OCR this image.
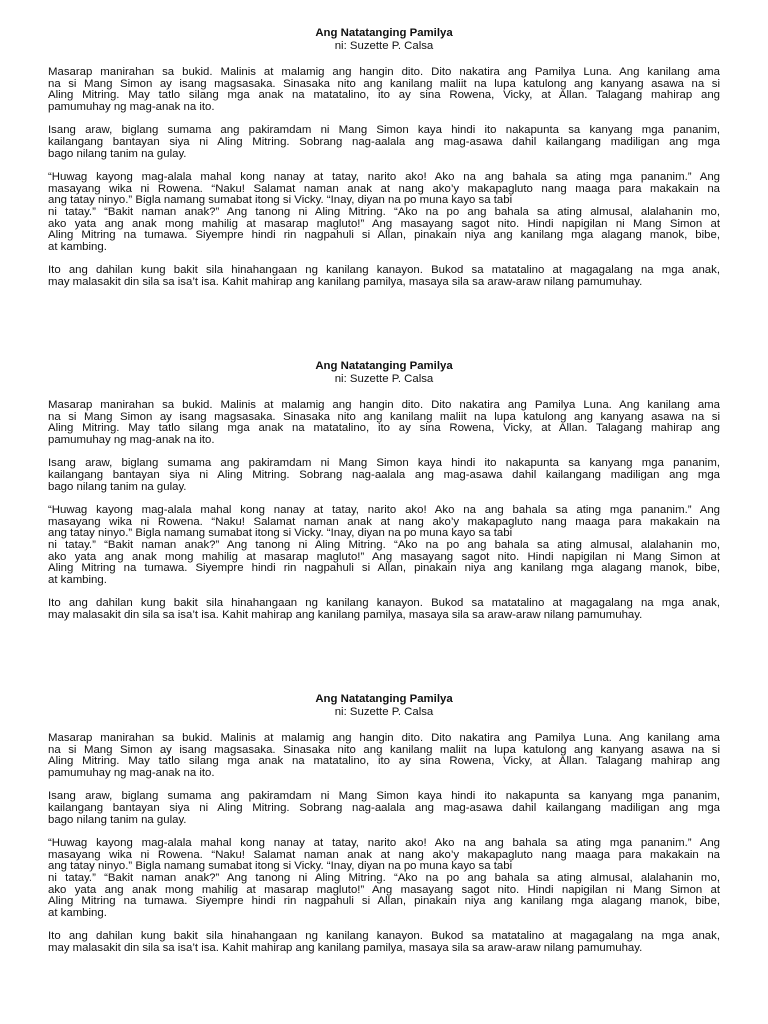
Ang Natatanging Pamilya

ni: Suzette P. Calsa

Masarap manirahan sa bukid. Malinis at malamig ang hangin dito. Dito nakatira ang Pamilya Luna. Ang kanilang ama
na si Mang Simon ay isang magsasaka. Sinasaka nito ang kanilang maliit na lupa katulong ang kanyang asawa na si
Aling Mitring. May tatlo silang mga anak na matatalino, ito ay sina Rowena, Vicky, at Allan. Talagang mahirap ang
pamumuhay ng mag-anak na ito.
Isang araw, biglang sumama ang pakiramdam ni Mang Simon kaya hindi ito nakapunta sa kanyang mga pananim,
kailangang bantayan siya ni Aling Mitring. Sobrang nag-aalala ang mag-asawa dahil kailangang madiligan ang mga
bago nilang tanim na gulay.
“Huwag kayong mag-alala mahal kong nanay at tatay, narito ako! Ako na ang bahala sa ating mga pananim.” Ang
masayang wika ni Rowena. “Naku! Salamat naman anak at nang ako’y makapagluto nang maaga para makakain na
ang tatay ninyo.” Bigla namang sumabat itong si Vicky. “Inay, diyan na po muna kayo sa tabi
ni tatay.” “Bakit naman anak?” Ang tanong ni Aling Mitring. “Ako na po ang bahala sa ating almusal, alalahanin mo,
ako yata ang anak mong mahilig at masarap magluto!” Ang masayang sagot nito. Hindi napigilan ni Mang Simon at
Aling Mitring na tumawa. Siyempre hindi rin nagpahuli si Allan, pinakain niya ang kanilang mga alagang manok, bibe,
at kambing.
Ito ang dahilan kung bakit sila hinahangaan ng kanilang kanayon. Bukod sa matatalino at magagalang na mga anak,
may malasakit din sila sa isa’t isa. Kahit mahirap ang kanilang pamilya, masaya sila sa araw-araw nilang pamumuhay.

Ang Natatanging Pamilya

ni: Suzette P. Calsa

Masarap manirahan sa bukid. Malinis at malamig ang hangin dito. Dito nakatira ang Pamilya Luna. Ang kanilang ama
na si Mang Simon ay isang magsasaka. Sinasaka nito ang kanilang maliit na lupa katulong ang kanyang asawa na si
Aling Mitring. May tatlo silang mga anak na matatalino, ito ay sina Rowena, Vicky, at Allan. Talagang mahirap ang
pamumuhay ng mag-anak na ito.
Isang araw, biglang sumama ang pakiramdam ni Mang Simon kaya hindi ito nakapunta sa kanyang mga pananim,
kailangang bantayan siya ni Aling Mitring. Sobrang nag-aalala ang mag-asawa dahil kailangang madiligan ang mga
bago nilang tanim na gulay.
“Huwag kayong mag-alala mahal kong nanay at tatay, narito ako! Ako na ang bahala sa ating mga pananim.” Ang
masayang wika ni Rowena. “Naku! Salamat naman anak at nang ako’y makapagluto nang maaga para makakain na
ang tatay ninyo.” Bigla namang sumabat itong si Vicky. “Inay, diyan na po muna kayo sa tabi
ni tatay.” “Bakit naman anak?” Ang tanong ni Aling Mitring. “Ako na po ang bahala sa ating almusal, alalahanin mo,
ako yata ang anak mong mahilig at masarap magluto!” Ang masayang sagot nito. Hindi napigilan ni Mang Simon at
Aling Mitring na tumawa. Siyempre hindi rin nagpahuli si Allan, pinakain niya ang kanilang mga alagang manok, bibe,
at kambing.
Ito ang dahilan kung bakit sila hinahangaan ng kanilang kanayon. Bukod sa matatalino at magagalang na mga anak,
may malasakit din sila sa isa’t isa. Kahit mahirap ang kanilang pamilya, masaya sila sa araw-araw nilang pamumuhay.

Ang Natatanging Pamilya

ni: Suzette P. Calsa

Masarap manirahan sa bukid. Malinis at malamig ang hangin dito. Dito nakatira ang Pamilya Luna. Ang kanilang ama
na si Mang Simon ay isang magsasaka. Sinasaka nito ang kanilang maliit na lupa katulong ang kanyang asawa na si
Aling Mitring. May tatlo silang mga anak na matatalino, ito ay sina Rowena, Vicky, at Allan. Talagang mahirap ang
pamumuhay ng mag-anak na ito.
Isang araw, biglang sumama ang pakiramdam ni Mang Simon kaya hindi ito nakapunta sa kanyang mga pananim,
kailangang bantayan siya ni Aling Mitring. Sobrang nag-aalala ang mag-asawa dahil kailangang madiligan ang mga
bago nilang tanim na gulay.
“Huwag kayong mag-alala mahal kong nanay at tatay, narito ako! Ako na ang bahala sa ating mga pananim.” Ang
masayang wika ni Rowena. “Naku! Salamat naman anak at nang ako’y makapagluto nang maaga para makakain na
ang tatay ninyo.” Bigla namang sumabat itong si Vicky. “Inay, diyan na po muna kayo sa tabi
ni tatay.” “Bakit naman anak?” Ang tanong ni Aling Mitring. “Ako na po ang bahala sa ating almusal, alalahanin mo,
ako yata ang anak mong mahilig at masarap magluto!” Ang masayang sagot nito. Hindi napigilan ni Mang Simon at
Aling Mitring na tumawa. Siyempre hindi rin nagpahuli si Allan, pinakain niya ang kanilang mga alagang manok, bibe,
at kambing.
Ito ang dahilan kung bakit sila hinahangaan ng kanilang kanayon. Bukod sa matatalino at magagalang na mga anak,
may malasakit din sila sa isa’t isa. Kahit mahirap ang kanilang pamilya, masaya sila sa araw-araw nilang pamumuhay.
